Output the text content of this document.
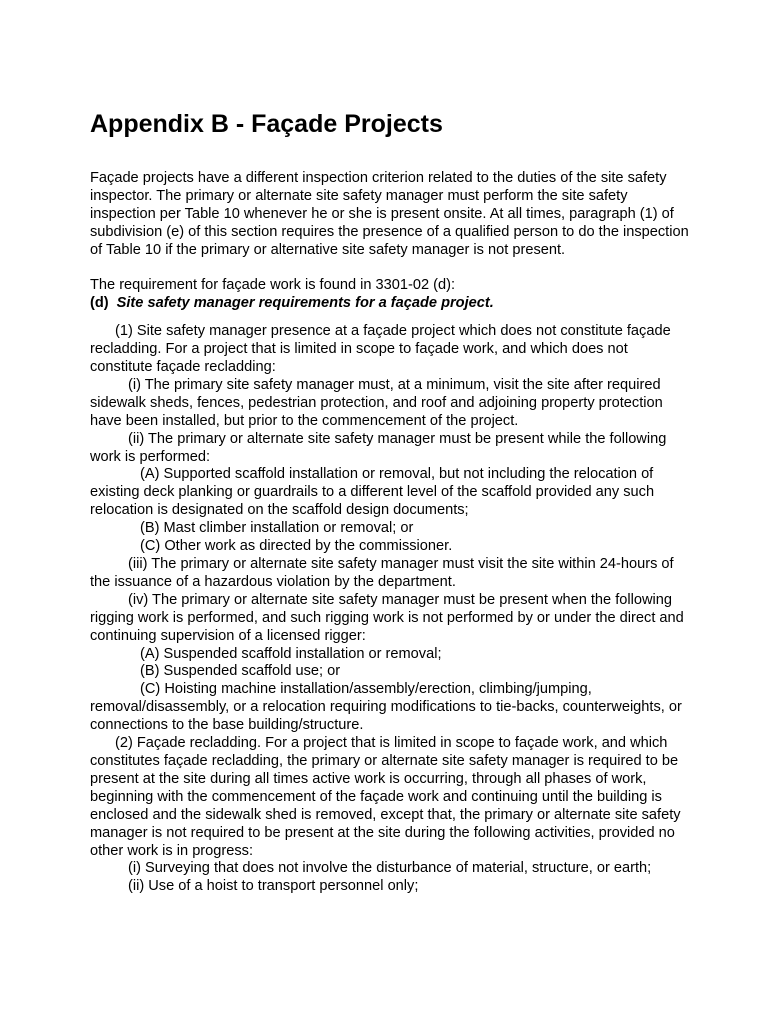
Appendix B - Façade Projects

Façade projects have a different inspection criterion related to the duties of the site safety inspector. The primary or alternate site safety manager must perform the site safety inspection per Table 10 whenever he or she is present onsite. At all times, paragraph (1) of subdivision (e) of this section requires the presence of a qualified person to do the inspection of Table 10 if the primary or alternative site safety manager is not present.

The requirement for façade work is found in 3301-02 (d):

(d) Site safety manager requirements for a façade project.

(1) Site safety manager presence at a façade project which does not constitute façade recladding. For a project that is limited in scope to façade work, and which does not constitute façade recladding:

(i) The primary site safety manager must, at a minimum, visit the site after required sidewalk sheds, fences, pedestrian protection, and roof and adjoining property protection have been installed, but prior to the commencement of the project.

(ii) The primary or alternate site safety manager must be present while the following work is performed:

(A) Supported scaffold installation or removal, but not including the relocation of existing deck planking or guardrails to a different level of the scaffold provided any such relocation is designated on the scaffold design documents;

(B) Mast climber installation or removal; or

(C) Other work as directed by the commissioner.

(iii) The primary or alternate site safety manager must visit the site within 24-hours of the issuance of a hazardous violation by the department.

(iv) The primary or alternate site safety manager must be present when the following rigging work is performed, and such rigging work is not performed by or under the direct and continuing supervision of a licensed rigger:

(A) Suspended scaffold installation or removal;

(B) Suspended scaffold use; or

(C) Hoisting machine installation/assembly/erection, climbing/jumping, removal/disassembly, or a relocation requiring modifications to tie-backs, counterweights, or connections to the base building/structure.

(2) Façade recladding. For a project that is limited in scope to façade work, and which constitutes façade recladding, the primary or alternate site safety manager is required to be present at the site during all times active work is occurring, through all phases of work, beginning with the commencement of the façade work and continuing until the building is enclosed and the sidewalk shed is removed, except that, the primary or alternate site safety manager is not required to be present at the site during the following activities, provided no other work is in progress:

(i) Surveying that does not involve the disturbance of material, structure, or earth;

(ii) Use of a hoist to transport personnel only;
